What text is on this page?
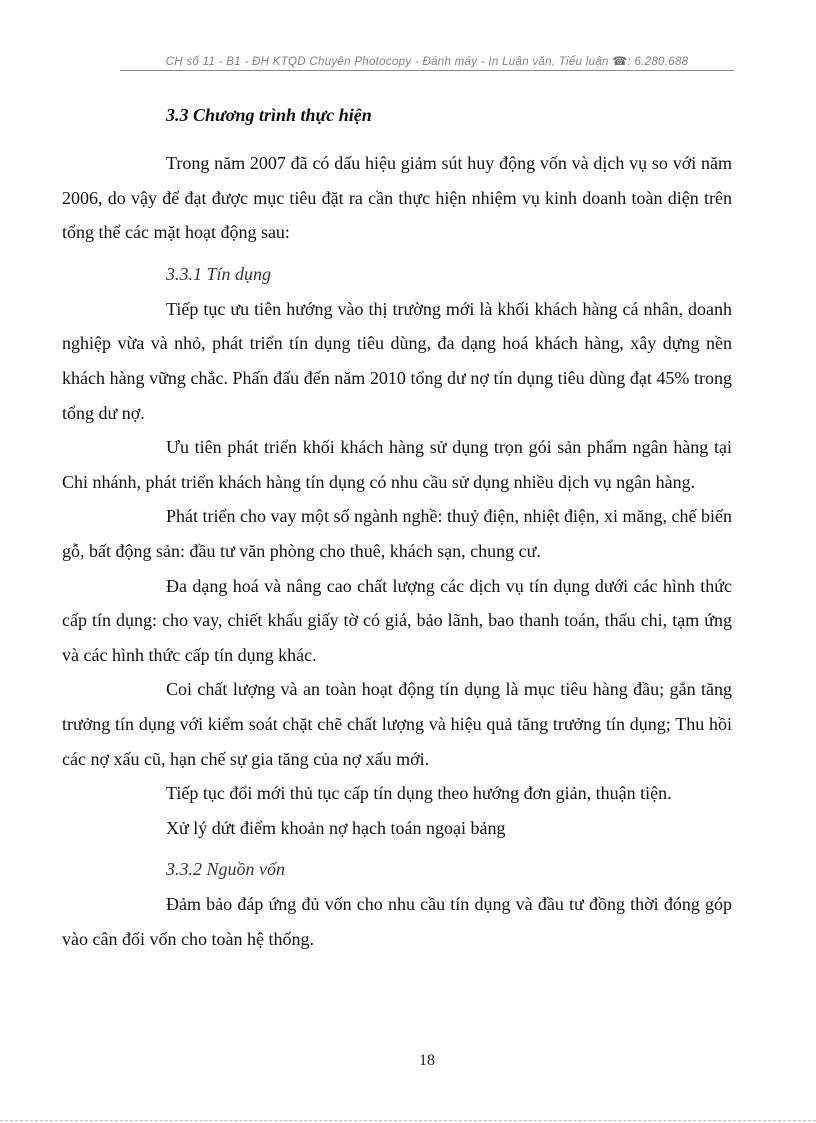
CH số 11 - B1 - ĐH KTQD Chuyên Photocopy - Đánh máy - In Luận văn, Tiểu luận ☎: 6.280.688
3.3 Chương trình thực hiện

Trong năm 2007 đã có dấu hiệu giảm sút huy động vốn và dịch vụ so với năm 2006, do vậy để đạt được mục tiêu đặt ra cần thực hiện nhiệm vụ kinh doanh toàn diện trên tổng thể các mặt hoạt động sau:

3.3.1 Tín dụng

Tiếp tục ưu tiên hướng vào thị trường mới là khối khách hàng cá nhân, doanh nghiệp vừa và nhỏ, phát triển tín dụng tiêu dùng, đa dạng hoá khách hàng, xây dựng nền khách hàng vững chắc. Phấn đấu đến năm 2010 tổng dư nợ tín dụng tiêu dùng đạt 45% trong tổng dư nợ.

Ưu tiên phát triển khối khách hàng sử dụng trọn gói sản phẩm ngân hàng tại Chi nhánh, phát triển khách hàng tín dụng có nhu cầu sử dụng nhiều dịch vụ ngân hàng.

Phát triển cho vay một số ngành nghề: thuỷ điện, nhiệt điện, xi măng, chế biến gỗ, bất động sản: đầu tư văn phòng cho thuê, khách sạn, chung cư.

Đa dạng hoá và nâng cao chất lượng các dịch vụ tín dụng dưới các hình thức cấp tín dụng: cho vay, chiết khấu giấy tờ có giá, bảo lãnh, bao thanh toán, thấu chi, tạm ứng và các hình thức cấp tín dụng khác.

Coi chất lượng và an toàn hoạt động tín dụng là mục tiêu hàng đầu; gắn tăng trưởng tín dụng với kiểm soát chặt chẽ chất lượng và hiệu quả tăng trưởng tín dụng; Thu hồi các nợ xấu cũ, hạn chế sự gia tăng của nợ xấu mới.

Tiếp tục đổi mới thủ tục cấp tín dụng theo hướng đơn giản, thuận tiện.

Xử lý dứt điểm khoản nợ hạch toán ngoại bảng

3.3.2 Nguồn vốn

Đảm bảo đáp ứng đủ vốn cho nhu cầu tín dụng và đầu tư đồng thời đóng góp vào cân đối vốn cho toàn hệ thống.

18
